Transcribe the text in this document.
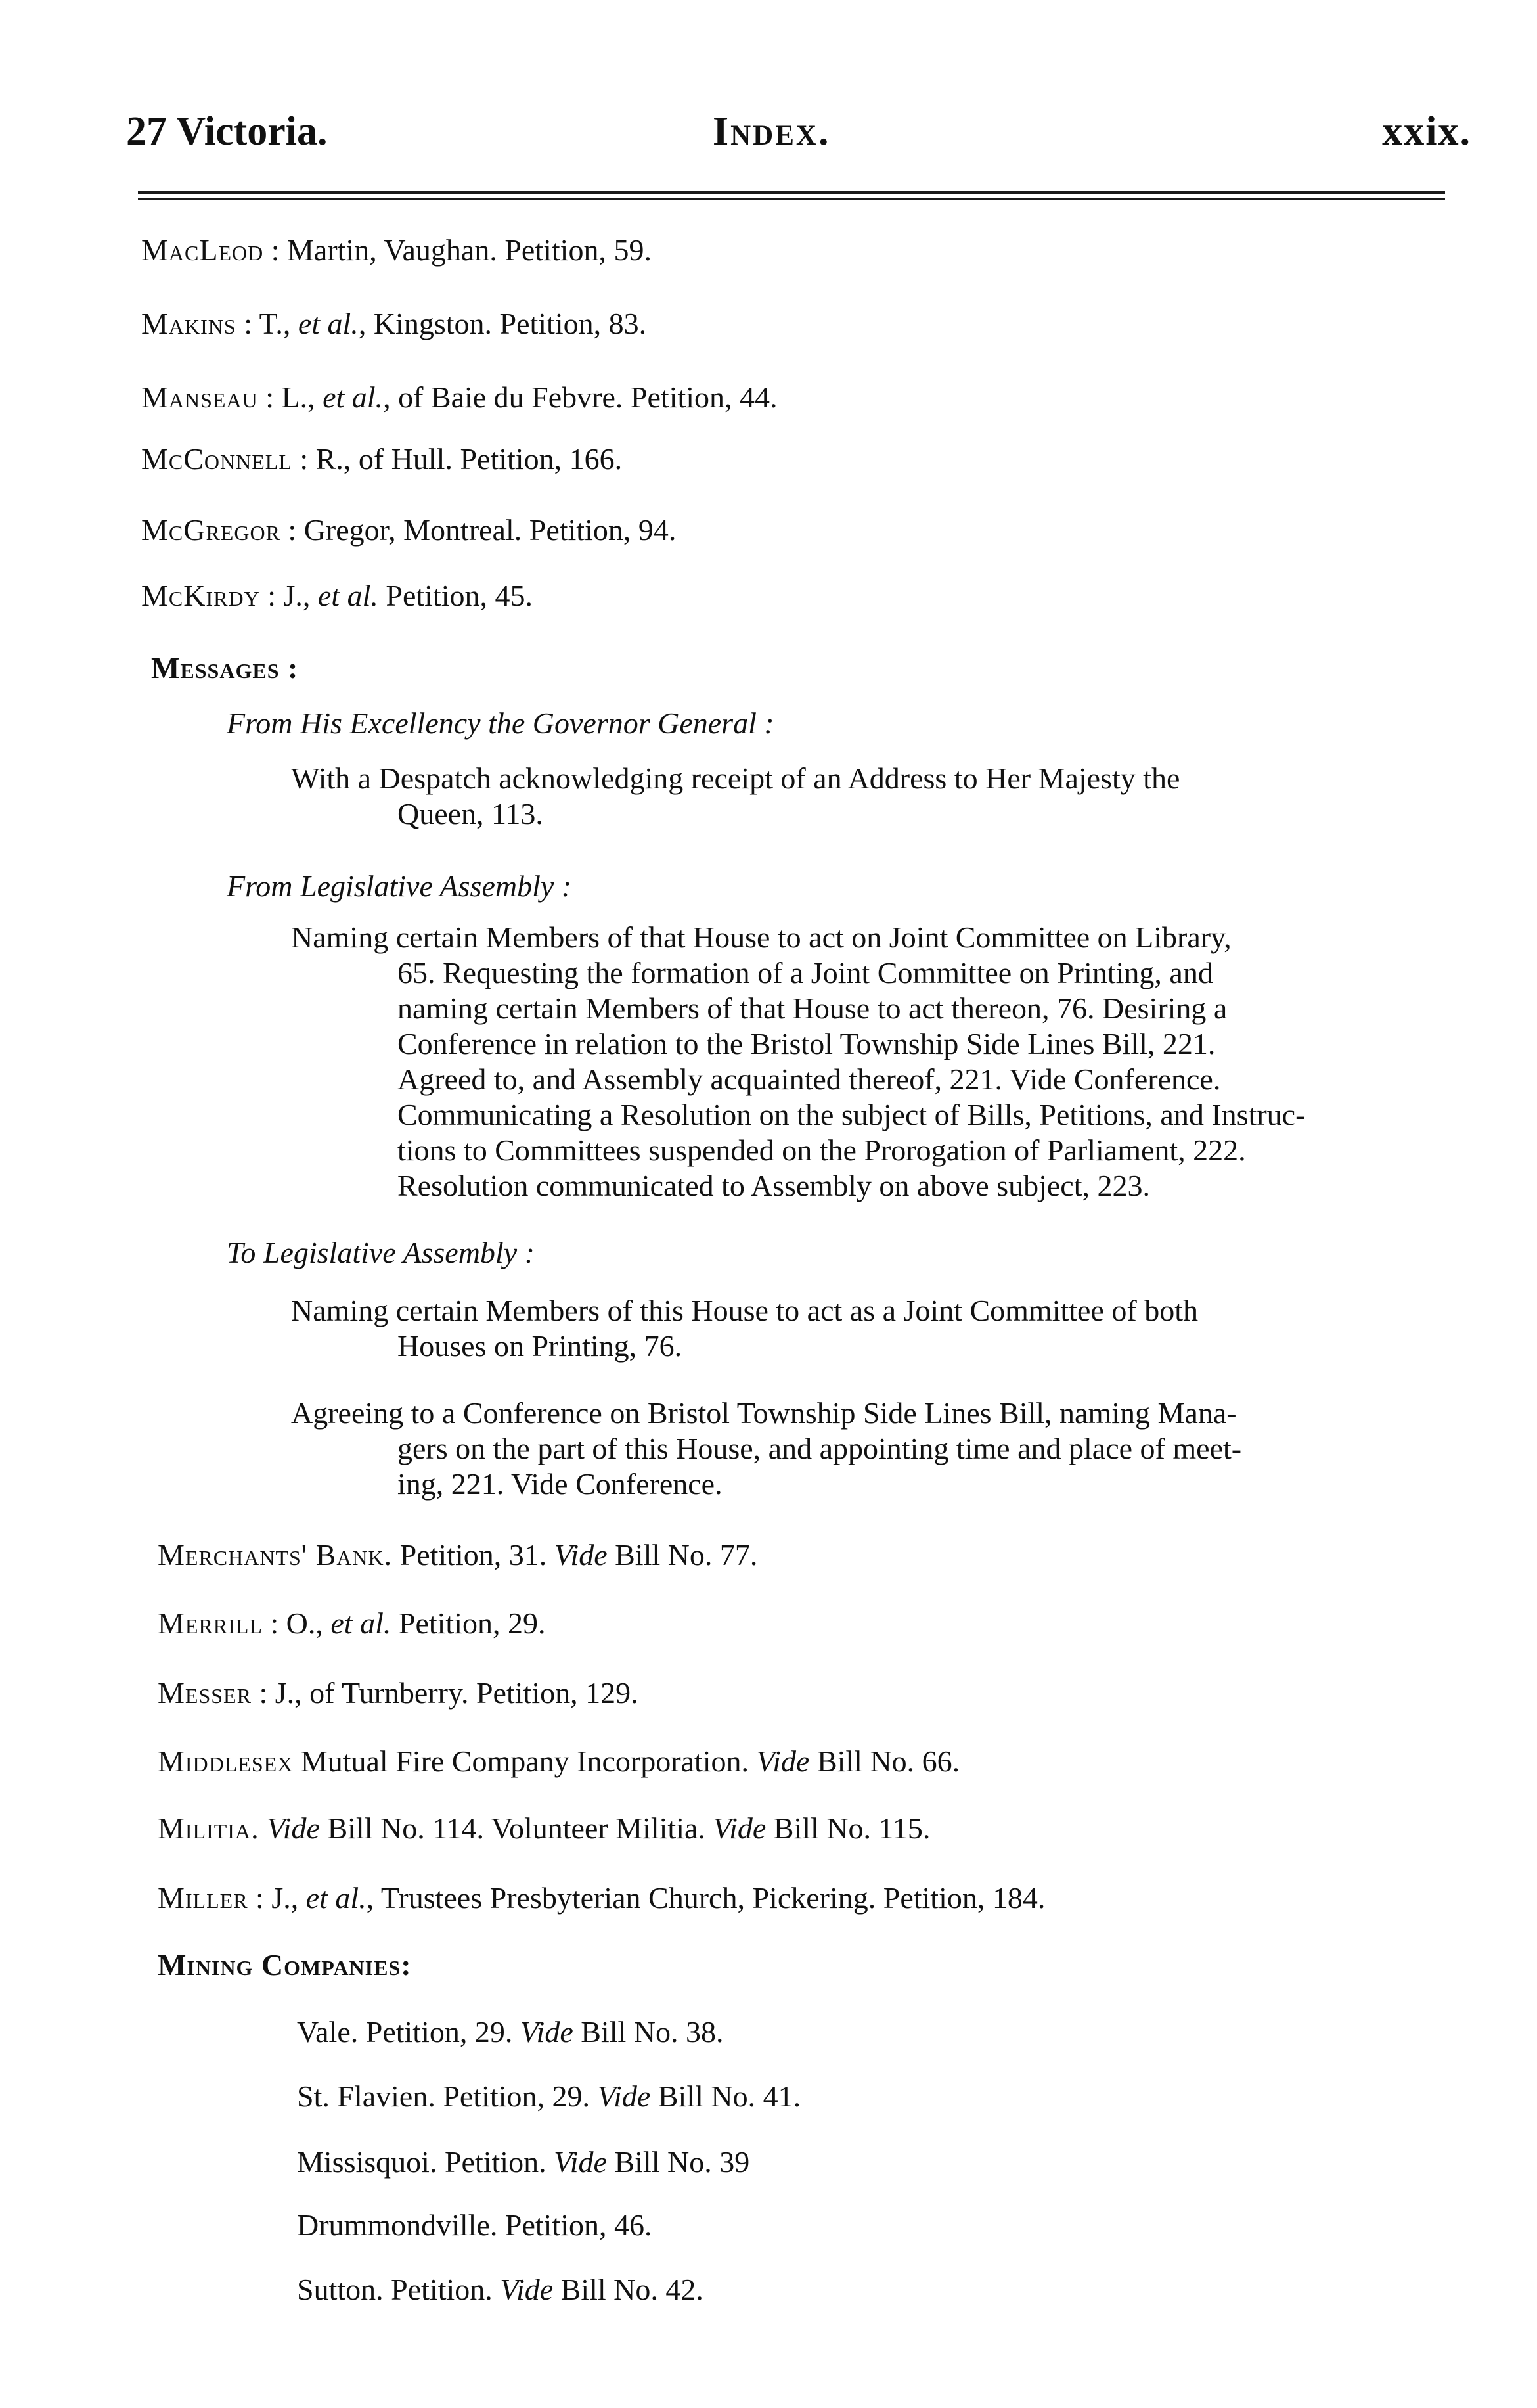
27 Victoria.	Index.	xxix.
MacLeod : Martin, Vaughan. Petition, 59.
Makins : T., et al., Kingston. Petition, 83.
Manseau : L., et al., of Baie du Febvre. Petition, 44.
McConnell : R., of Hull. Petition, 166.
McGregor : Gregor, Montreal. Petition, 94.
McKirdy : J., et al. Petition, 45.
Messages :
From His Excellency the Governor General :
With a Despatch acknowledging receipt of an Address to Her Majesty the
Queen, 113.
From Legislative Assembly :
Naming certain Members of that House to act on Joint Committee on Library,
65. Requesting the formation of a Joint Committee on Printing, and
naming certain Members of that House to act thereon, 76. Desiring a
Conference in relation to the Bristol Township Side Lines Bill, 221.
Agreed to, and Assembly acquainted thereof, 221. Vide Conference.
Communicating a Resolution on the subject of Bills, Petitions, and Instruc-
tions to Committees suspended on the Prorogation of Parliament, 222.
Resolution communicated to Assembly on above subject, 223.
To Legislative Assembly :
Naming certain Members of this House to act as a Joint Committee of both
Houses on Printing, 76.
Agreeing to a Conference on Bristol Township Side Lines Bill, naming Mana-
gers on the part of this House, and appointing time and place of meet-
ing, 221. Vide Conference.
Merchants' Bank. Petition, 31. Vide Bill No. 77.
Merrill : O., et al. Petition, 29.
Messer : J., of Turnberry. Petition, 129.
Middlesex Mutual Fire Company Incorporation. Vide Bill No. 66.
Militia. Vide Bill No. 114. Volunteer Militia. Vide Bill No. 115.
Miller : J., et al., Trustees Presbyterian Church, Pickering. Petition, 184.
Mining Companies:
Vale. Petition, 29. Vide Bill No. 38.
St. Flavien. Petition, 29. Vide Bill No. 41.
Missisquoi. Petition. Vide Bill No. 39
Drummondville. Petition, 46.
Sutton. Petition. Vide Bill No. 42.
